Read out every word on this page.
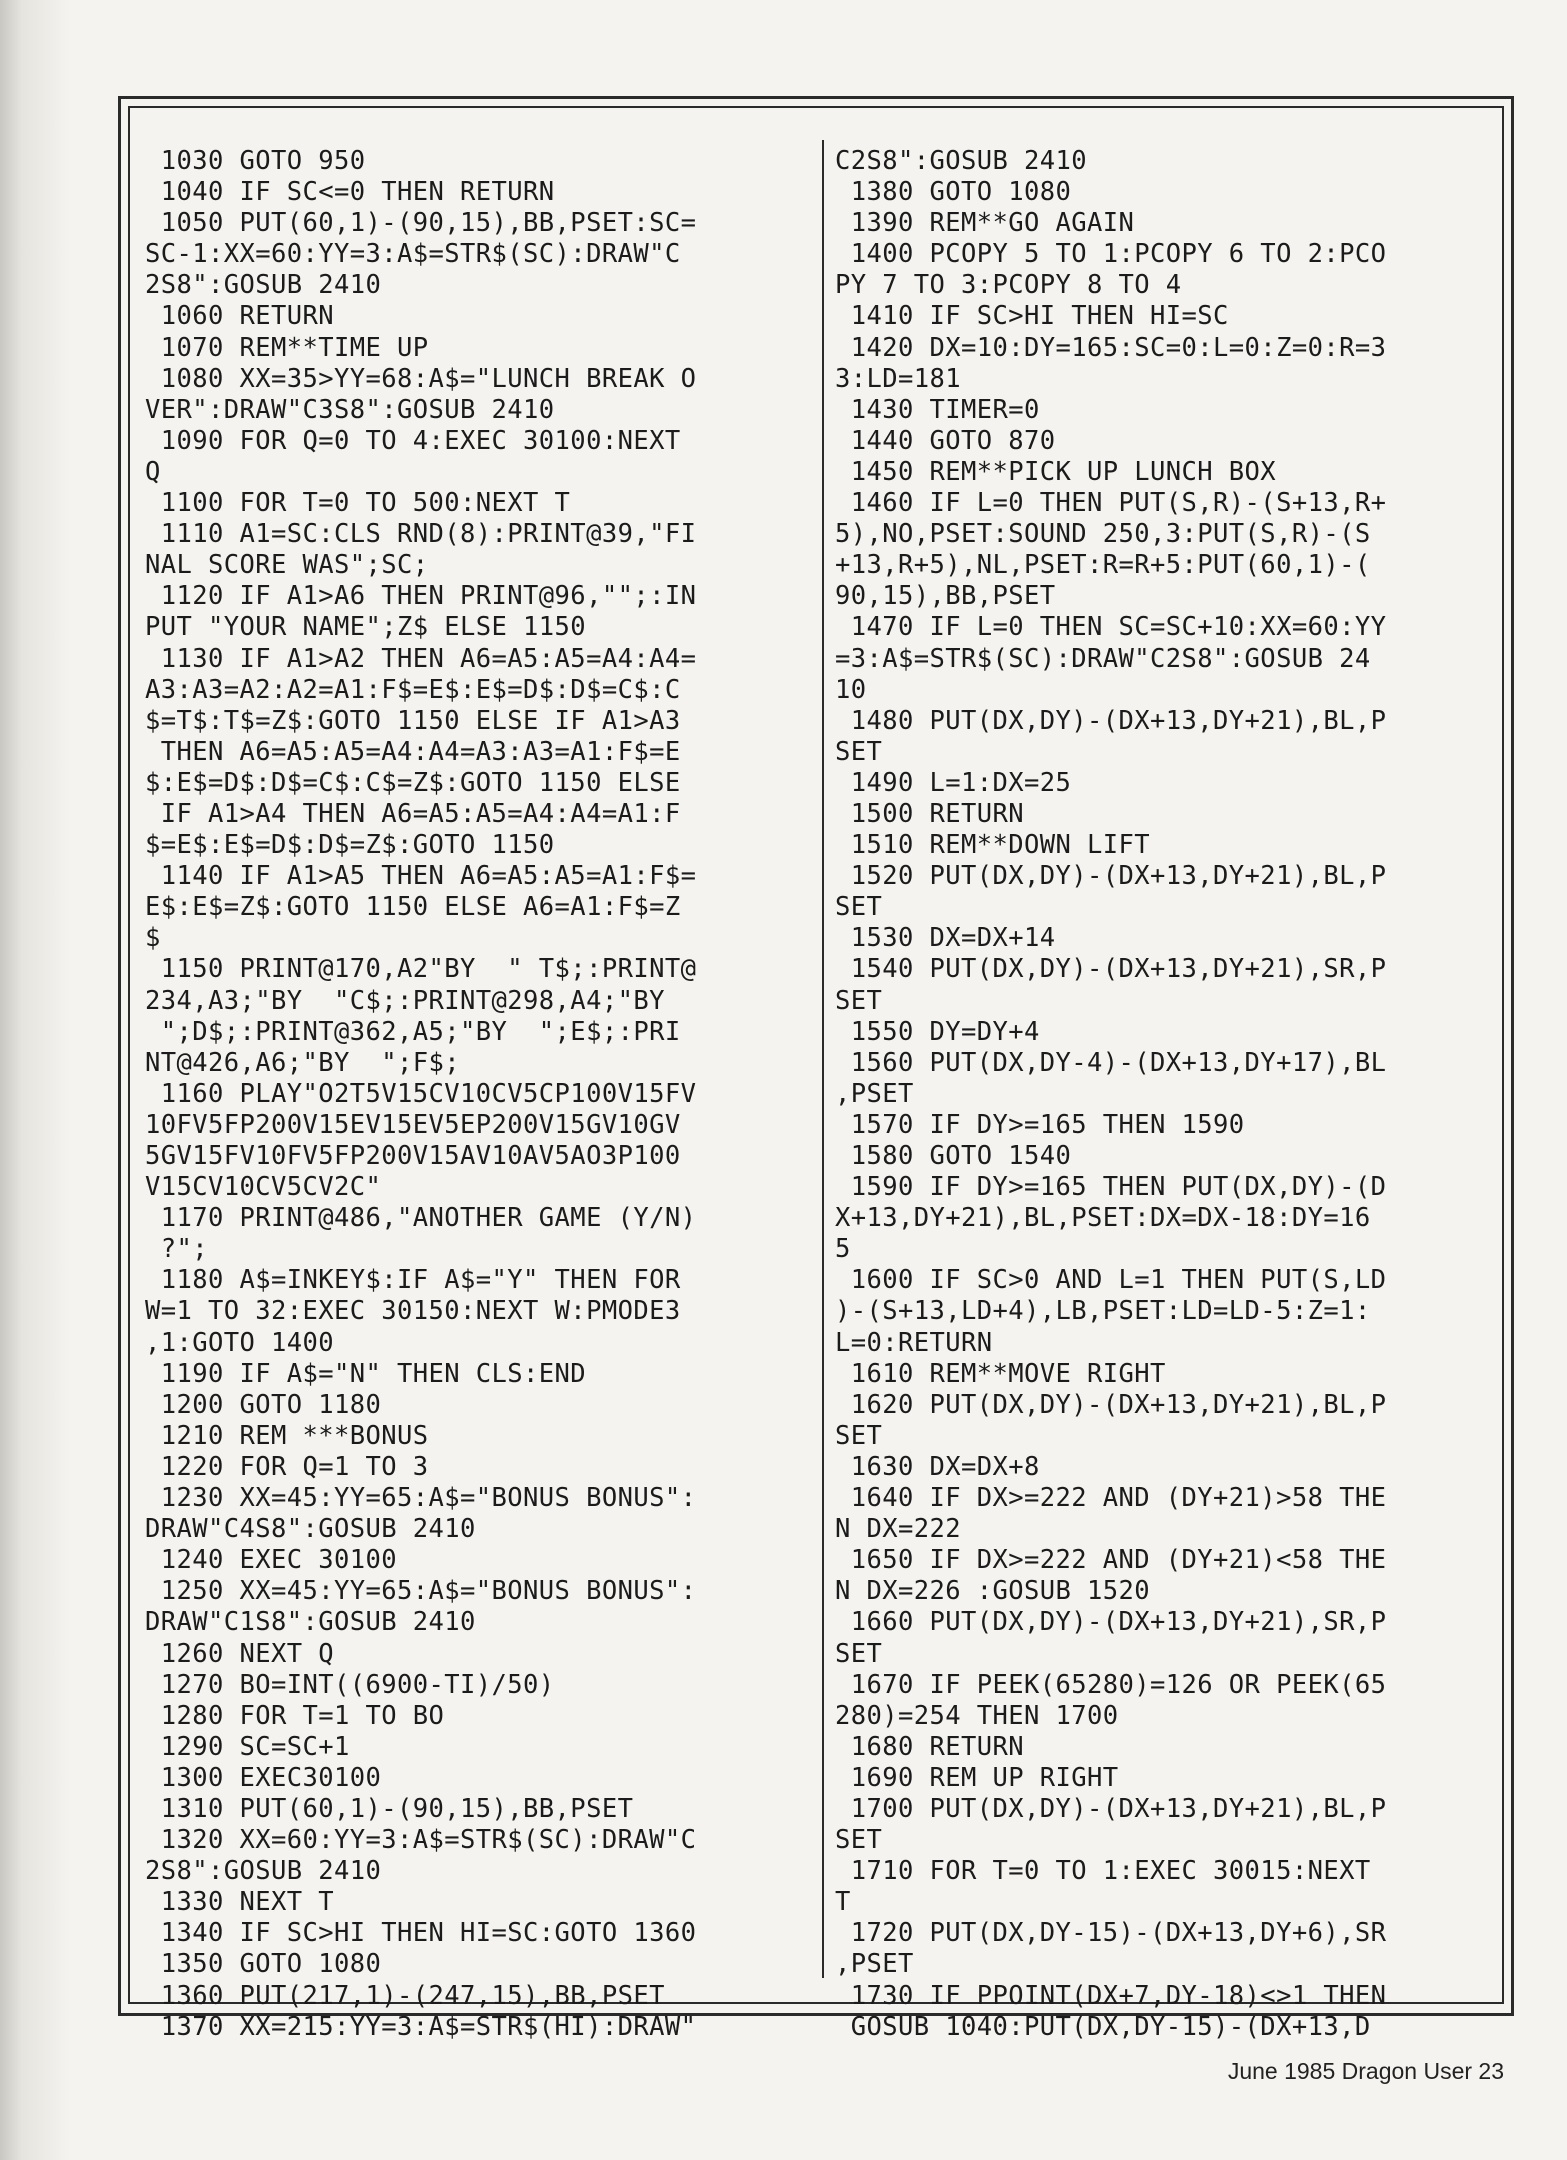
1030 GOTO 950
1040 IF SC<=0 THEN RETURN
1050 PUT(60,1)-(90,15),BB,PSET:SC=
SC-1:XX=60:YY=3:A$=STR$(SC):DRAW"C
2S8":GOSUB 2410
1060 RETURN
1070 REM**TIME UP
1080 XX=35>YY=68:A$="LUNCH BREAK O
VER":DRAW"C3S8":GOSUB 2410
1090 FOR Q=0 TO 4:EXEC 30100:NEXT
Q
1100 FOR T=0 TO 500:NEXT T
1110 A1=SC:CLS RND(8):PRINT@39,"FI
NAL SCORE WAS";SC;
1120 IF A1>A6 THEN PRINT@96,"";:IN
PUT "YOUR NAME";Z$ ELSE 1150
1130 IF A1>A2 THEN A6=A5:A5=A4:A4=
A3:A3=A2:A2=A1:F$=E$:E$=D$:D$=C$:C
$=T$:T$=Z$:GOTO 1150 ELSE IF A1>A3
THEN A6=A5:A5=A4:A4=A3:A3=A1:F$=E
$:E$=D$:D$=C$:C$=Z$:GOTO 1150 ELSE
IF A1>A4 THEN A6=A5:A5=A4:A4=A1:F
$=E$:E$=D$:D$=Z$:GOTO 1150
1140 IF A1>A5 THEN A6=A5:A5=A1:F$=
E$:E$=Z$:GOTO 1150 ELSE A6=A1:F$=Z
$
1150 PRINT@170,A2"BY  " T$;:PRINT@
234,A3;"BY  "C$;:PRINT@298,A4;"BY
";D$;:PRINT@362,A5;"BY  ";E$;:PRI
NT@426,A6;"BY  ";F$;
1160 PLAY"O2T5V15CV10CV5CP100V15FV
10FV5FP200V15EV15EV5EP200V15GV10GV
5GV15FV10FV5FP200V15AV10AV5AO3P100
V15CV10CV5CV2C"
1170 PRINT@486,"ANOTHER GAME (Y/N)
?";
1180 A$=INKEY$:IF A$="Y" THEN FOR
W=1 TO 32:EXEC 30150:NEXT W:PMODE3
,1:GOTO 1400
1190 IF A$="N" THEN CLS:END
1200 GOTO 1180
1210 REM ***BONUS
1220 FOR Q=1 TO 3
1230 XX=45:YY=65:A$="BONUS BONUS":
DRAW"C4S8":GOSUB 2410
1240 EXEC 30100
1250 XX=45:YY=65:A$="BONUS BONUS":
DRAW"C1S8":GOSUB 2410
1260 NEXT Q
1270 BO=INT((6900-TI)/50)
1280 FOR T=1 TO BO
1290 SC=SC+1
1300 EXEC30100
1310 PUT(60,1)-(90,15),BB,PSET
1320 XX=60:YY=3:A$=STR$(SC):DRAW"C
2S8":GOSUB 2410
1330 NEXT T
1340 IF SC>HI THEN HI=SC:GOTO 1360
1350 GOTO 1080
1360 PUT(217,1)-(247,15),BB,PSET
1370 XX=215:YY=3:A$=STR$(HI):DRAW"
C2S8":GOSUB 2410
1380 GOTO 1080
1390 REM**GO AGAIN
1400 PCOPY 5 TO 1:PCOPY 6 TO 2:PCO
PY 7 TO 3:PCOPY 8 TO 4
1410 IF SC>HI THEN HI=SC
1420 DX=10:DY=165:SC=0:L=0:Z=0:R=3
3:LD=181
1430 TIMER=0
1440 GOTO 870
1450 REM**PICK UP LUNCH BOX
1460 IF L=0 THEN PUT(S,R)-(S+13,R+
5),NO,PSET:SOUND 250,3:PUT(S,R)-(S
+13,R+5),NL,PSET:R=R+5:PUT(60,1)-(
90,15),BB,PSET
1470 IF L=0 THEN SC=SC+10:XX=60:YY
=3:A$=STR$(SC):DRAW"C2S8":GOSUB 24
10
1480 PUT(DX,DY)-(DX+13,DY+21),BL,P
SET
1490 L=1:DX=25
1500 RETURN
1510 REM**DOWN LIFT
1520 PUT(DX,DY)-(DX+13,DY+21),BL,P
SET
1530 DX=DX+14
1540 PUT(DX,DY)-(DX+13,DY+21),SR,P
SET
1550 DY=DY+4
1560 PUT(DX,DY-4)-(DX+13,DY+17),BL
,PSET
1570 IF DY>=165 THEN 1590
1580 GOTO 1540
1590 IF DY>=165 THEN PUT(DX,DY)-(D
X+13,DY+21),BL,PSET:DX=DX-18:DY=16
5
1600 IF SC>0 AND L=1 THEN PUT(S,LD
)-(S+13,LD+4),LB,PSET:LD=LD-5:Z=1:
L=0:RETURN
1610 REM**MOVE RIGHT
1620 PUT(DX,DY)-(DX+13,DY+21),BL,P
SET
1630 DX=DX+8
1640 IF DX>=222 AND (DY+21)>58 THE
N DX=222
1650 IF DX>=222 AND (DY+21)<58 THE
N DX=226 :GOSUB 1520
1660 PUT(DX,DY)-(DX+13,DY+21),SR,P
SET
1670 IF PEEK(65280)=126 OR PEEK(65
280)=254 THEN 1700
1680 RETURN
1690 REM UP RIGHT
1700 PUT(DX,DY)-(DX+13,DY+21),BL,P
SET
1710 FOR T=0 TO 1:EXEC 30015:NEXT
T
1720 PUT(DX,DY-15)-(DX+13,DY+6),SR
,PSET
1730 IF PPOINT(DX+7,DY-18)<>1 THEN
GOSUB 1040:PUT(DX,DY-15)-(DX+13,D
June 1985 Dragon User 23
